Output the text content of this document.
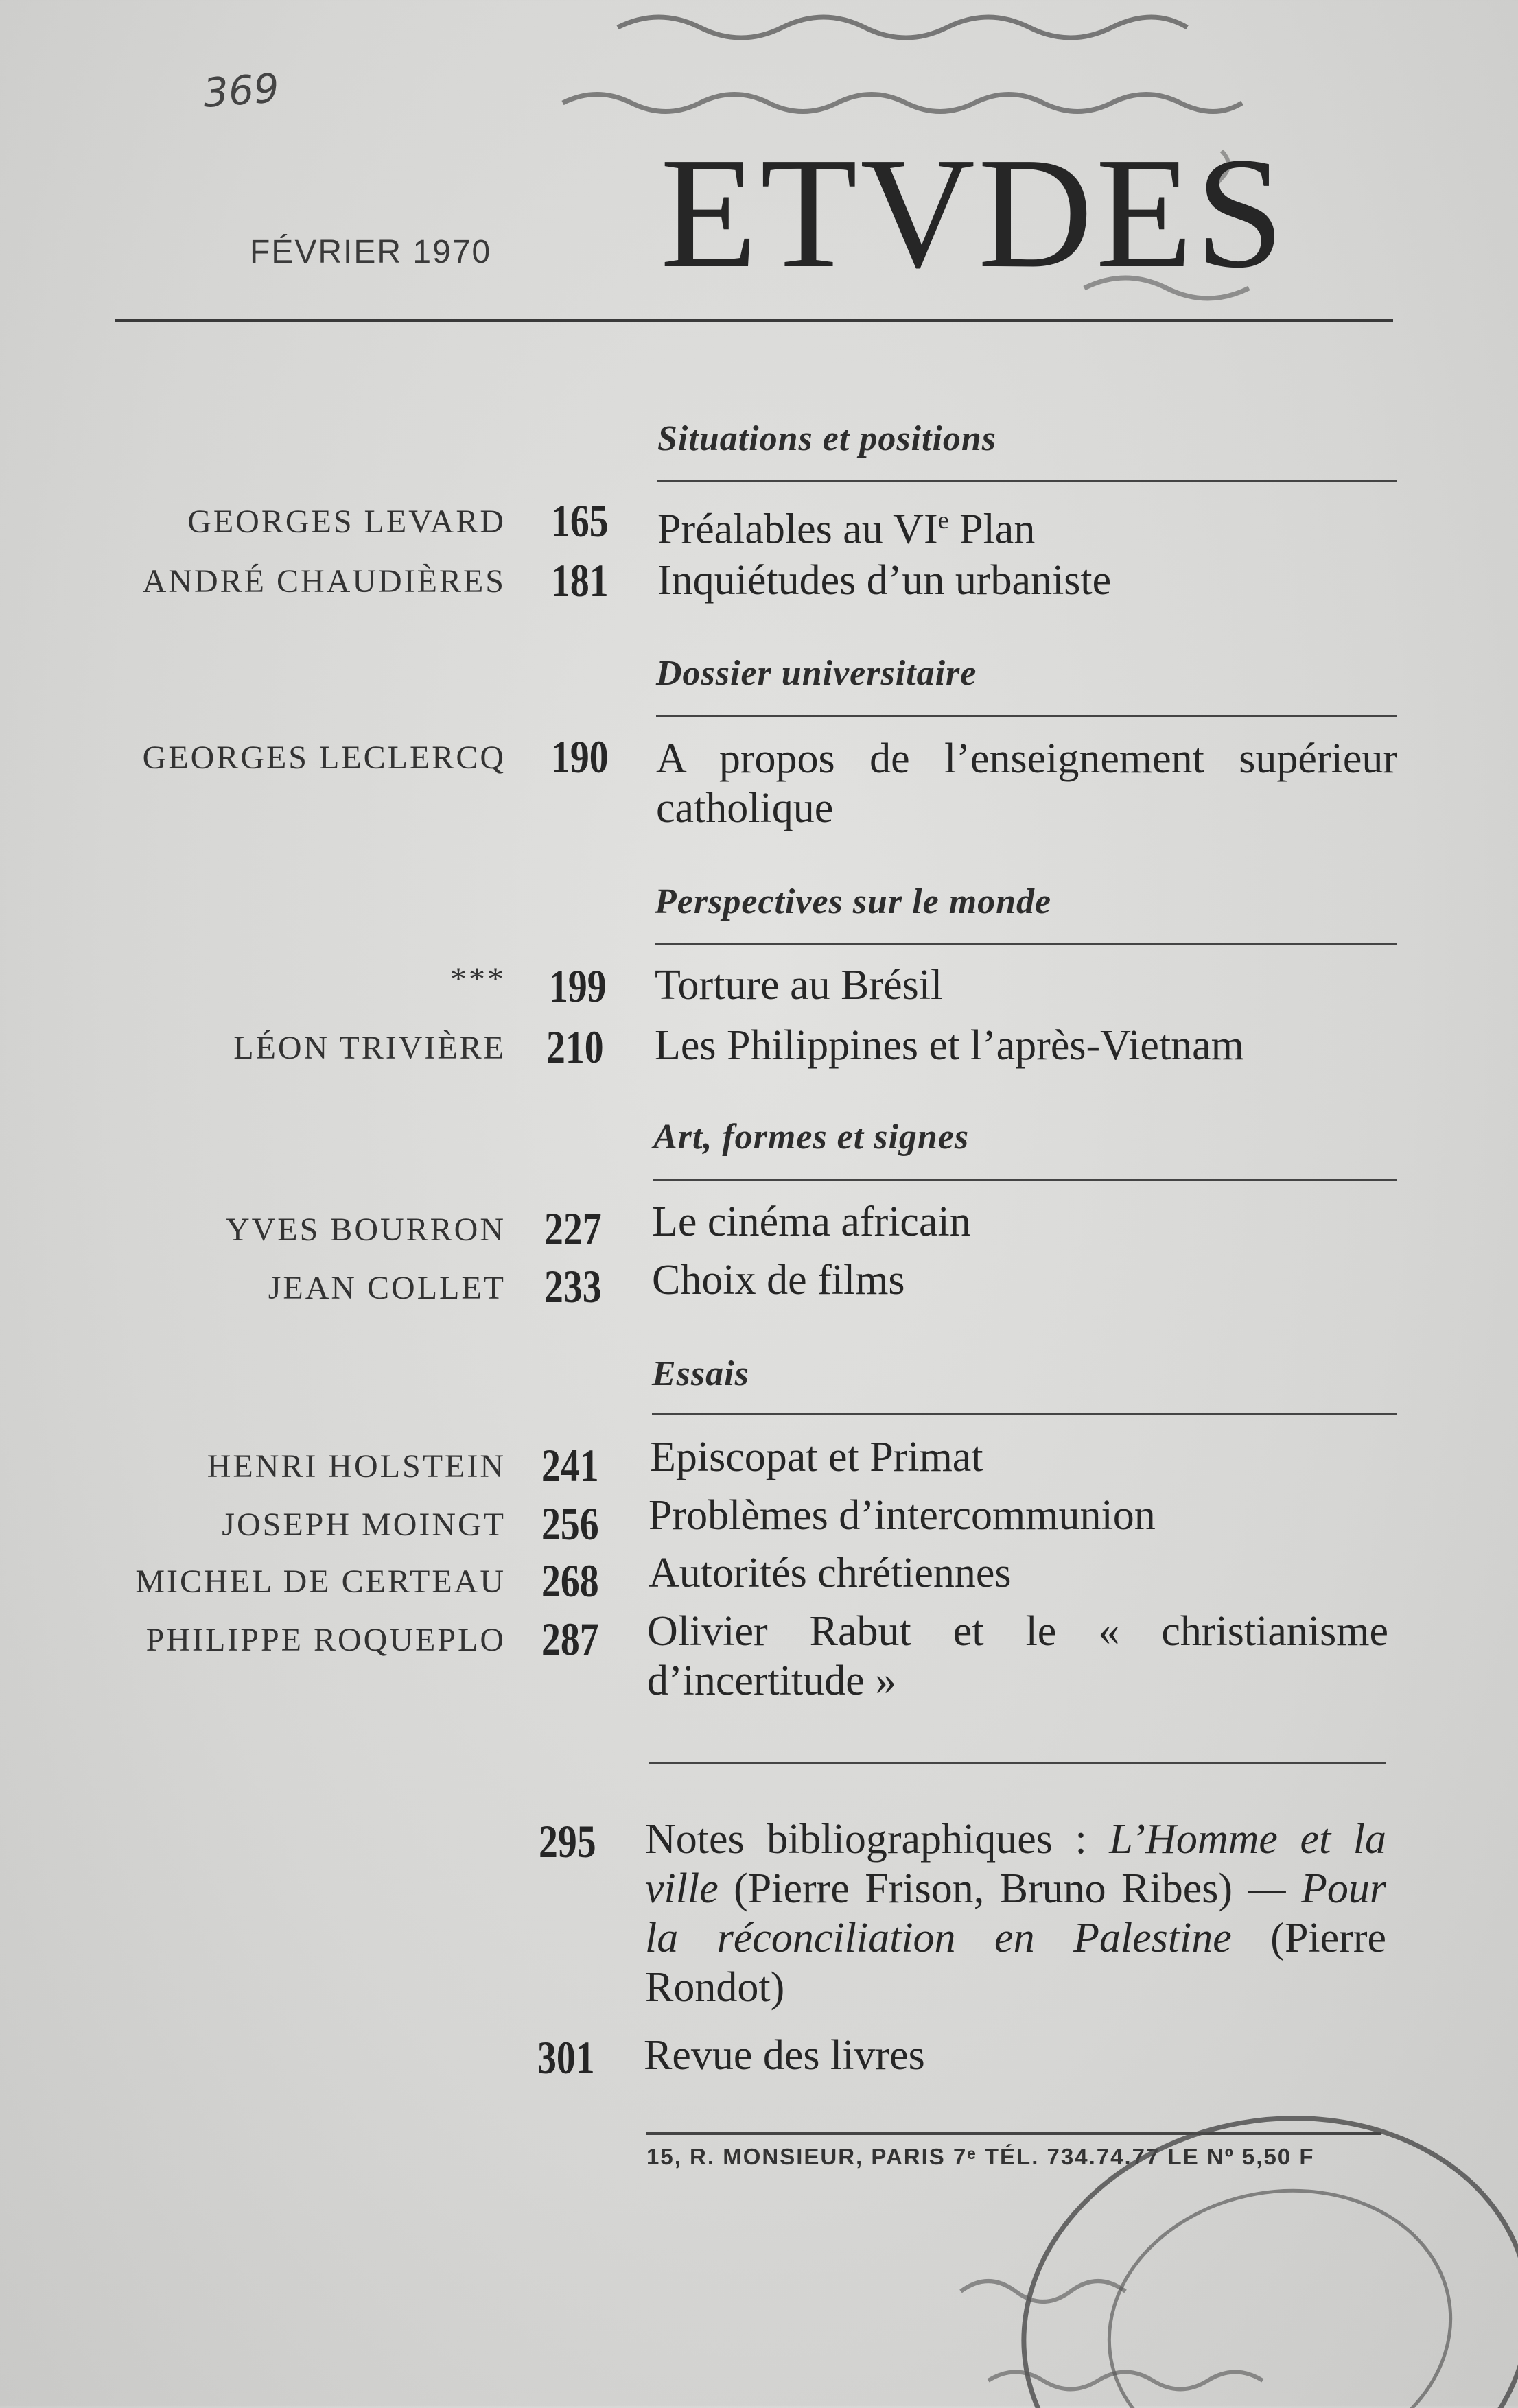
369
FÉVRIER 1970 ETVDES
Situations et positions
GEORGES LEVARD 165 Préalables au VIe Plan
ANDRÉ CHAUDIÈRES 181 Inquiétudes d’un urbaniste
Dossier universitaire
GEORGES LECLERCQ 190 A propos de l’enseignement supérieur catholique
Perspectives sur le monde
*** 199 Torture au Brésil
LÉON TRIVIÈRE 210 Les Philippines et l’après-Vietnam
Art, formes et signes
YVES BOURRON 227 Le cinéma africain
JEAN COLLET 233 Choix de films
Essais
HENRI HOLSTEIN 241 Episcopat et Primat
JOSEPH MOINGT 256 Problèmes d’intercommunion
MICHEL DE CERTEAU 268 Autorités chrétiennes
PHILIPPE ROQUEPLO 287 Olivier Rabut et le « christianisme d’incertitude »
295 Notes bibliographiques : L’Homme et la ville (Pierre Frison, Bruno Ribes) — Pour la réconciliation en Palestine (Pierre Rondot)
301 Revue des livres
15, R. MONSIEUR, PARIS 7ᵉ TÉL. 734.74.77 LE Nº 5,50 F
